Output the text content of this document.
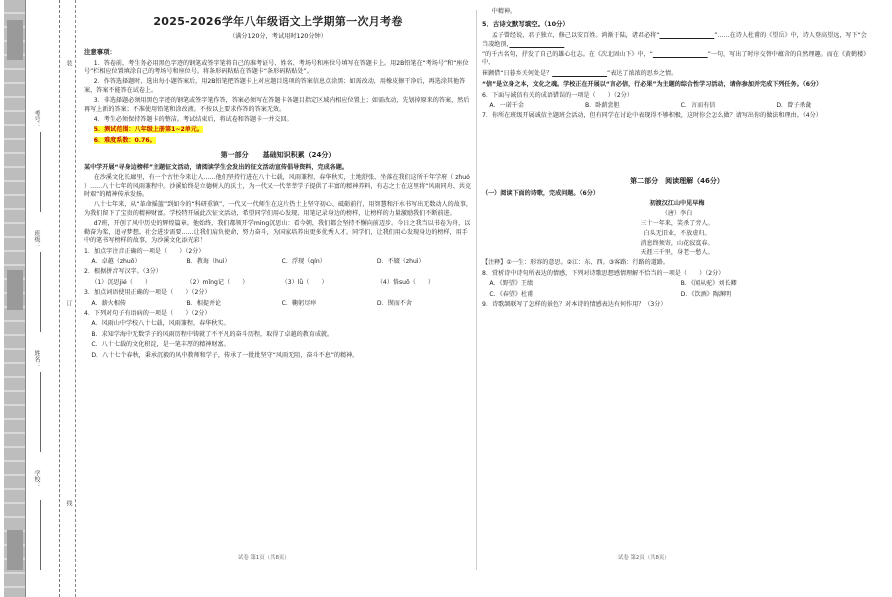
学校：
姓名：
班级：
考号：
装
订
线
2025-2026学年八年级语文上学期第一次月考卷
（满分120分，考试用时120分钟）
注意事项：

1．答卷前，考生务必用黑色字迹的钢笔或签字笔将自己的准考证号、姓名、考场号和座位号填写在答题卡上。用2B铅笔在“考场号”和“座位号”栏相应位置填涂自己的考场号和座位号。将条形码粘贴在答题卡“条形码粘贴处”。

2．作答选择题时，选出每小题答案后，用2B铅笔把答题卡上对应题目选项的答案信息点涂黑；如需改动，用橡皮擦干净后，再选涂其他答案，答案不能答在试卷上。

3．非选择题必须用黑色字迹的钢笔或签字笔作答，答案必须写在答题卡各题目指定区域内相应位置上；如需改动，先划掉原来的答案，然后再写上新的答案；不准使用铅笔和涂改液。不按以上要求作答的答案无效。

4．考生必须保持答题卡的整洁。考试结束后，将试卷和答题卡一并交回。

5．测试范围：八年级上册第1~2单元。

6．难度系数：0.76。

第一部分　　基础知识积累（24分）

某中学开展“寻身边榜样”主题征文活动，请阅读学生会发出的征文活动宣传倡导资料，完成各题。

在沙溪文化长廊里，有一个古往今来让人……他们坚持行进在八十七载，风雨兼程，春华秋实，土地舒张、坐落在我们这所千年学府（ zhuó ）……八十七年的风雨兼程中。沙溪始终是立德树人的沃土，为一代又一代莘莘学子提供了丰富的精神养料，有志之士在这里将“风雨同舟、共克时艰”的精神传承发扬。

八十七年来，从“革命摇篮”到如今的“科研重镇”，一代又一代师生在这片热土上坚守初心、砥砺前行，用智慧和汗水书写出无数动人的故事，为我们留下了宝贵的精神财富。学校特开展此次征文活动，希望同学们用心发现、用笔记录身边的榜样，让榜样的力量激励我们不断前进。

d7班，开创了风中历史的辉煌篇章。他始终，我们都领开学ming沉思山：看今朝，我们都会坚持不懈向前迈步。今日之我当以书卷为舟，以勤奋为桨，追寻梦想。社会进步需要……让我们肩负使命，努力奋斗，为国家培养出更多优秀人才。同学们，让我们用心发现身边的榜样，用手中的笔书写榜样的故事，为沙溪文化添光彩！

1．加点字注音正确的一项是（　　）（2分）

A．卓越（zhuō）	B．教诲（huì）	C．浮现（qín）	D．不辍（zhuì）

2．根据拼音写汉字。（3分）

（1）沉思jié（　　）	（2）mǐng记（　　）	（3）lǚ（　　）	（4）恪suō（　　）

3．加点词语使用正确的一项是（　　）（2分）

A．薪火相传	B．相提并论	C．鞠躬尽瘁	D．锲而不舍

4．下列对句子有语病的一项是（　　）（2分）

A．风雨山中学校八十七载，风雨兼程，春华秋实。
B．求知学海中无数学子的风雨历程中铸就了不平凡的奋斗历程，取得了卓越的教育成就。
C．八十七载的文化积淀，是一笔丰厚的精神财富。
D．八十七个春秋，秉承沉毅的风中教师和学子，传承了一批批坚守“风雨无阻，奋斗不息”的精神。

中精神。

5．古诗文默写填空。（10分）

孟子曾经说，君子独立，修己以安百姓。鸿渐于陆，诸君必将“　　　　　　　　　	”……在诗人杜甫的《望岳》中，诗人登高望远，写下“会当凌绝顶，　　　　　　　　　

”的千古名句，抒发了自己的雄心壮志。在《次北固山下》中，“　　　　　　　　　	”一句，写出了时序交替中蕴含的自然理趣。而在《黄鹤楼》中，

崔颢借“日暮乡关何处是？　　　　　　　　　	”表达了浓浓的思乡之情。

“信”是立身之本，文化之魂。学校正在开展以“言必信，行必果”为主题的综合性学习活动，请你参加并完成下列任务。（6分）

6．下面与诚信有关的成语错误的一项是（　　）（2分）

A．一诺千金	B．卧薪尝胆	C．言而有信	D．曾子杀彘

7．你所在班级开展诚信主题班会活动，但有同学在讨论中表现得不够积极，这时你会怎么做？请写出你的做法和理由。（4分）

第二部分　阅读理解（46分）

（一）阅读下面的诗歌，完成问题。（6分）

初渡汉江山中见早梅
（唐）李白
三十一年来，笑杀了旁人。
白头无旧业，不放虚归。
消息终须寄，山花寂寞春。
天涯三千里，身老一愁人。

【注释】①一生：形容的意思。②江：东、西。③客路：行路的道路。

8．赏析诗中诗句所表达的情感，下列对诗歌思想感情理解不恰当的一项是（　　）（2分）

A．《野望》王绩	B．《闻从驼》刘长卿
C．《春望》杜甫	D．《饮酒》陶渊明

9．诗歌颔联写了怎样的景色？对本诗的情感表达有何作用？（3分）

试卷 第1页（共8页）	试卷 第2页（共8页）
